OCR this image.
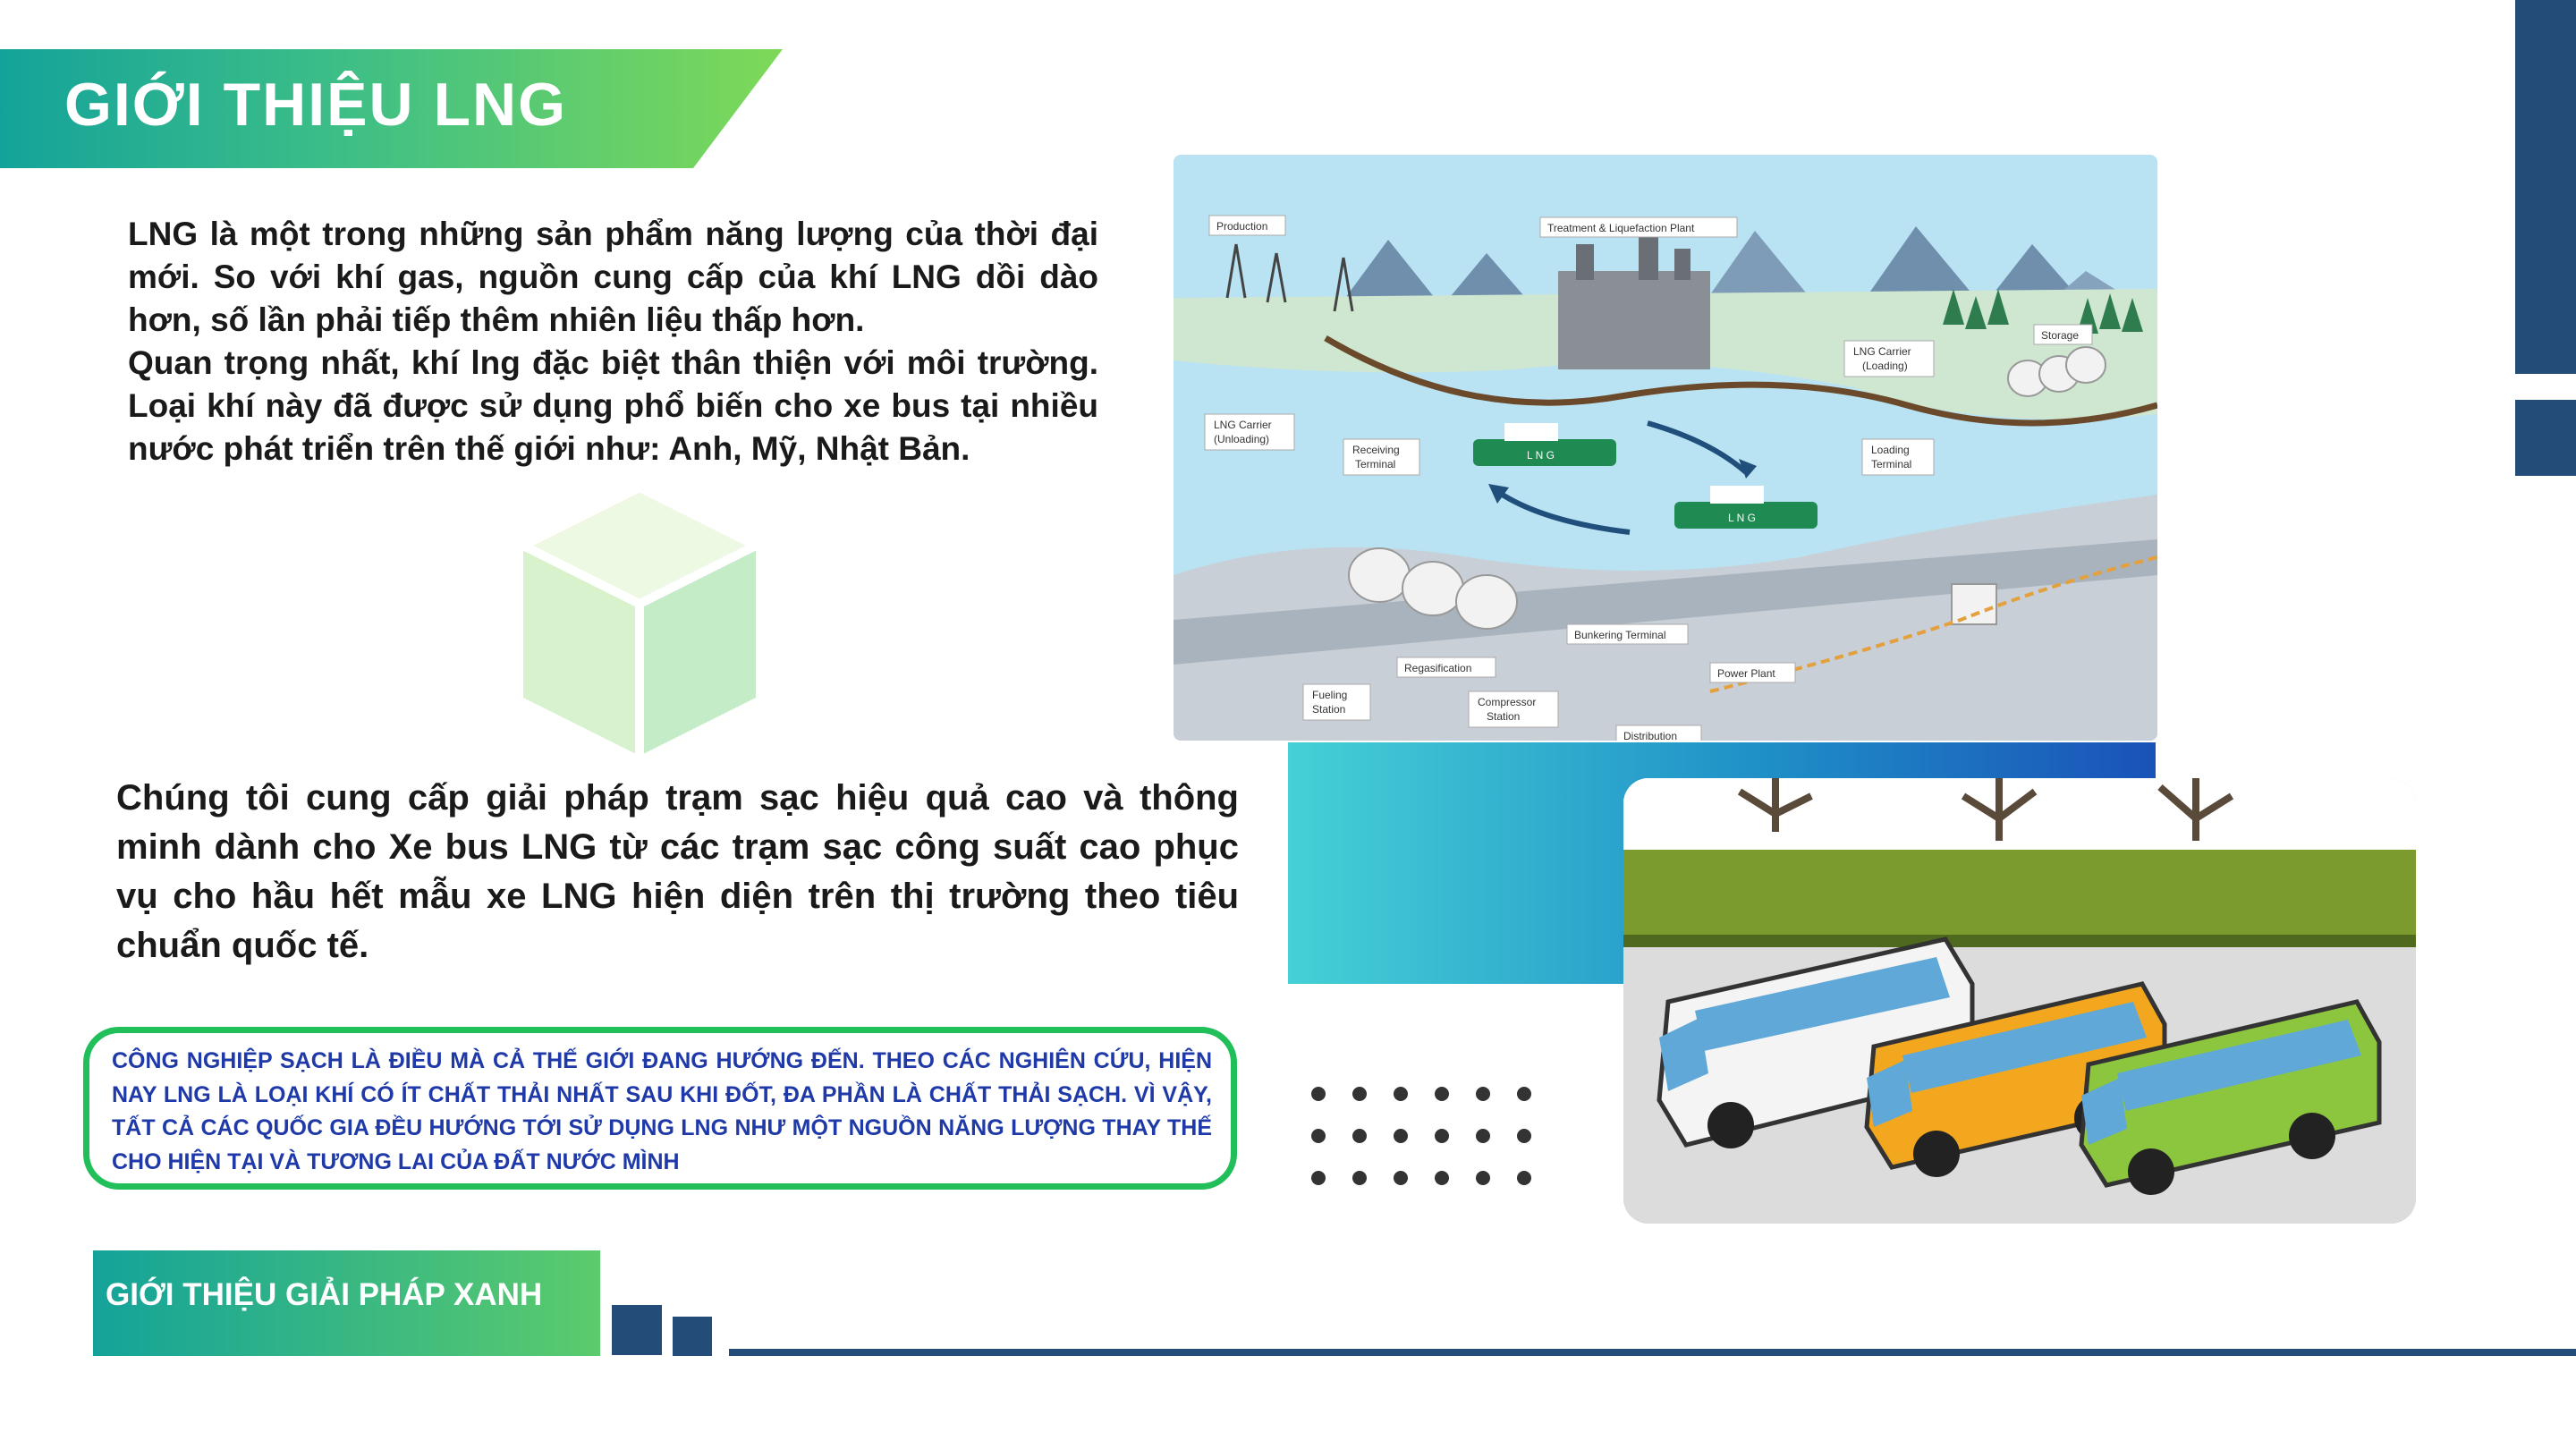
GIỚI THIỆU LNG

LNG là một trong những sản phẩm năng lượng của thời đại mới. So với khí gas, nguồn cung cấp của khí LNG dồi dào hơn, số lần phải tiếp thêm nhiên liệu thấp hơn.

Quan trọng nhất, khí lng đặc biệt thân thiện với môi trường. Loại khí này đã được sử dụng phổ biến cho xe bus tại nhiều nước phát triển trên thế giới như: Anh, Mỹ, Nhật Bản.

Production	Treatment & Liquefaction Plant
LNG Carrier
(Loading)
Storage
LNG Carrier
(Unloading)
Receiving
Terminal
Loading
Terminal
L N G
L N G
Bunkering Terminal
Power Plant
Regasification
Fueling
Station
Compressor
Station
Distribution
Chúng tôi cung cấp giải pháp trạm sạc hiệu quả cao và thông minh dành cho Xe bus LNG từ các trạm sạc công suất cao phục vụ cho hầu hết mẫu xe LNG hiện diện trên thị trường theo tiêu chuẩn quốc tế.
CÔNG NGHIỆP SẠCH LÀ ĐIỀU MÀ CẢ THẾ GIỚI ĐANG HƯỚNG ĐẾN. THEO CÁC NGHIÊN CỨU, HIỆN NAY LNG LÀ LOẠI KHÍ CÓ ÍT CHẤT THẢI NHẤT SAU KHI ĐỐT, ĐA PHẦN LÀ CHẤT THẢI SẠCH. VÌ VẬY, TẤT CẢ CÁC QUỐC GIA ĐỀU HƯỚNG TỚI SỬ DỤNG LNG NHƯ MỘT NGUỒN NĂNG LƯỢNG THAY THẾ CHO HIỆN TẠI VÀ TƯƠNG LAI CỦA ĐẤT NƯỚC MÌNH
GIỚI THIỆU GIẢI PHÁP XANH
